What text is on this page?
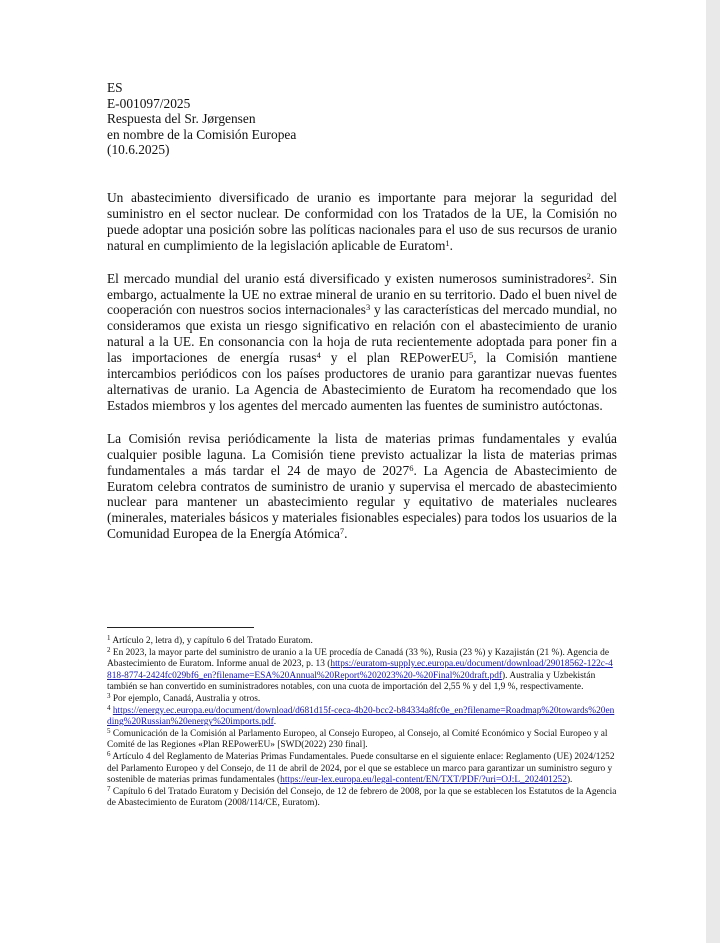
ES
E-001097/2025
Respuesta del Sr. Jørgensen
en nombre de la Comisión Europea
(10.6.2025)

Un abastecimiento diversificado de uranio es importante para mejorar la seguridad del suministro en el sector nuclear. De conformidad con los Tratados de la UE, la Comisión no puede adoptar una posición sobre las políticas nacionales para el uso de sus recursos de uranio natural en cumplimiento de la legislación aplicable de Euratom$^1$.

El mercado mundial del uranio está diversificado y existen numerosos suministradores$^2$. Sin embargo, actualmente la UE no extrae mineral de uranio en su territorio. Dado el buen nivel de cooperación con nuestros socios internacionales$^3$ y las características del mercado mundial, no consideramos que exista un riesgo significativo en relación con el abastecimiento de uranio natural a la UE. En consonancia con la hoja de ruta recientemente adoptada para poner fin a las importaciones de energía rusas$^4$ y el plan REPowerEU$^5$, la Comisión mantiene intercambios periódicos con los países productores de uranio para garantizar nuevas fuentes alternativas de uranio. La Agencia de Abastecimiento de Euratom ha recomendado que los Estados miembros y los agentes del mercado aumenten las fuentes de suministro autóctonas.

La Comisión revisa periódicamente la lista de materias primas fundamentales y evalúa cualquier posible laguna. La Comisión tiene previsto actualizar la lista de materias primas fundamentales a más tardar el 24 de mayo de 2027$^6$. La Agencia de Abastecimiento de Euratom celebra contratos de suministro de uranio y supervisa el mercado de abastecimiento nuclear para mantener un abastecimiento regular y equitativo de materiales nucleares (minerales, materiales básicos y materiales fisionables especiales) para todos los usuarios de la Comunidad Europea de la Energía Atómica$^7$.

$^1$ Artículo 2, letra d), y capítulo 6 del Tratado Euratom.

$^2$ En 2023, la mayor parte del suministro de uranio a la UE procedía de Canadá (33 %), Rusia (23 %) y Kazajistán (21 %). Agencia de Abastecimiento de Euratom. Informe anual de 2023, p. 13 (https://euratom-supply.ec.europa.eu/document/download/29018562-122c-4818-8774-2424fc029bf6_en?filename=ESA%20Annual%20Report%202023%20-%20Final%20draft.pdf). Australia y Uzbekistán también se han convertido en suministradores notables, con una cuota de importación del 2,55 % y del 1,9 %, respectivamente.

$^3$ Por ejemplo, Canadá, Australia y otros.

$^4$ https://energy.ec.europa.eu/document/download/d681d15f-ceca-4b20-bcc2-b84334a8fc0e_en?filename=Roadmap%20towards%20ending%20Russian%20energy%20imports.pdf.

$^5$ Comunicación de la Comisión al Parlamento Europeo, al Consejo Europeo, al Consejo, al Comité Económico y Social Europeo y al Comité de las Regiones «Plan REPowerEU» [SWD(2022) 230 final].

$^6$ Artículo 4 del Reglamento de Materias Primas Fundamentales. Puede consultarse en el siguiente enlace: Reglamento (UE) 2024/1252 del Parlamento Europeo y del Consejo, de 11 de abril de 2024, por el que se establece un marco para garantizar un suministro seguro y sostenible de materias primas fundamentales (https://eur-lex.europa.eu/legal-content/EN/TXT/PDF/?uri=OJ:L_202401252).

$^7$ Capítulo 6 del Tratado Euratom y Decisión del Consejo, de 12 de febrero de 2008, por la que se establecen los Estatutos de la Agencia de Abastecimiento de Euratom (2008/114/CE, Euratom).
